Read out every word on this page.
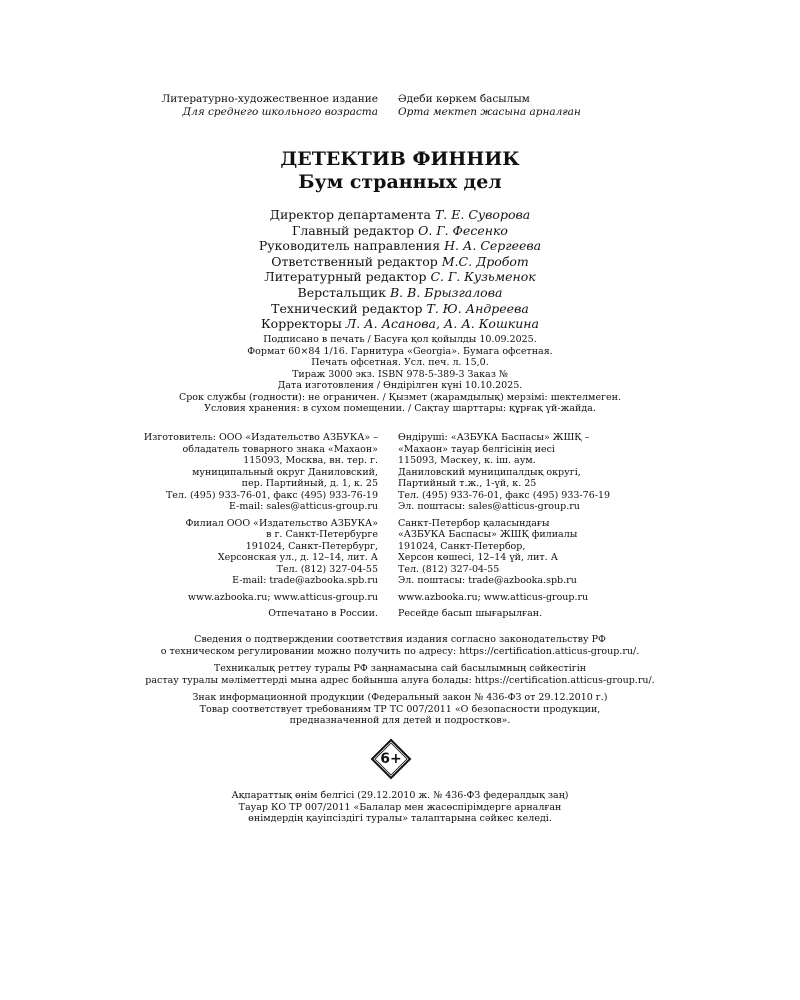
Литературно-художественное издание
Для среднего школьного возраста
Әдеби көркем басылым
Орта мектеп жасына арналған
ДЕТЕКТИВ ФИННИК
Бум странных дел
Директор департамента Т. Е. Суворова
Главный редактор О. Г. Фесенко
Руководитель направления Н. А. Сергеева
Ответственный редактор М.С. Дробот
Литературный редактор С. Г. Кузьменок
Верстальщик В. В. Брызгалова
Технический редактор Т. Ю. Андреева
Корректоры Л. А. Асанова, А. А. Кошкина
Подписано в печать / Басуға қол қойылды 10.09.2025.
Формат 60×84 1/16. Гарнитура «Georgia». Бумага офсетная.
Печать офсетная. Усл. печ. л. 15,0.
Тираж 3000 экз. ISBN 978-5-389-3 Заказ №
Дата изготовления / Өндірілген күні 10.10.2025.
Срок службы (годности): не ограничен. / Қызмет (жарамдылық) мерзімі: шектелмеген.
Условия хранения: в сухом помещении. / Сақтау шарттары: құрғақ үй-жайда.
Изготовитель: ООО «Издательство АЗБУКА» –
обладатель товарного знака «Махаон»
115093, Москва, вн. тер. г.
муниципальный округ Даниловский,
пер. Партийный, д. 1, к. 25
Тел. (495) 933-76-01, факс (495) 933-76-19
E-mail: sales@atticus-group.ru
Филиал ООО «Издательство АЗБУКА»
в г. Санкт-Петербурге
191024, Санкт-Петербург,
Херсонская ул., д. 12–14, лит. А
Тел. (812) 327-04-55
E-mail: trade@azbooka.spb.ru
www.azbooka.ru; www.atticus-group.ru
Отпечатано в России.
Өндіруші: «АЗБУКА Баспасы» ЖШҚ –
«Махаон» тауар белгісінің иесі
115093, Мәскеу, к. іш. аум.
Даниловский муниципалдық округі,
Партийный т.ж., 1-үй, к. 25
Тел. (495) 933-76-01, факс (495) 933-76-19
Эл. поштасы: sales@atticus-group.ru
Санкт-Петербор қаласындағы
«АЗБУКА Баспасы» ЖШҚ филиалы
191024, Санкт-Петербор,
Херсон көшесі, 12–14 үй, лит. А
Тел. (812) 327-04-55
Эл. поштасы: trade@azbooka.spb.ru
www.azbooka.ru; www.atticus-group.ru
Ресейде басып шығарылған.
Сведения о подтверждении соответствия издания согласно законодательству РФ
о техническом регулировании можно получить по адресу: https://certification.atticus-group.ru/.
Техникалық реттеу туралы РФ заңнамасына сай басылымның сәйкестігін
растау туралы мәліметтерді мына адрес бойынша алуға болады: https://certification.atticus-group.ru/.
Знак информационной продукции (Федеральный закон № 436-ФЗ от 29.12.2010 г.)
Товар соответствует требованиям ТР ТС 007/2011 «О безопасности продукции,
предназначенной для детей и подростков».
6+
Ақпараттық өнім белгісі (29.12.2010 ж. № 436-ФЗ федералдық заң)
Тауар КО ТР 007/2011 «Балалар мен жасөспірімдерге арналған
өнімдердің қауіпсіздігі туралы» талаптарына сәйкес келеді.
